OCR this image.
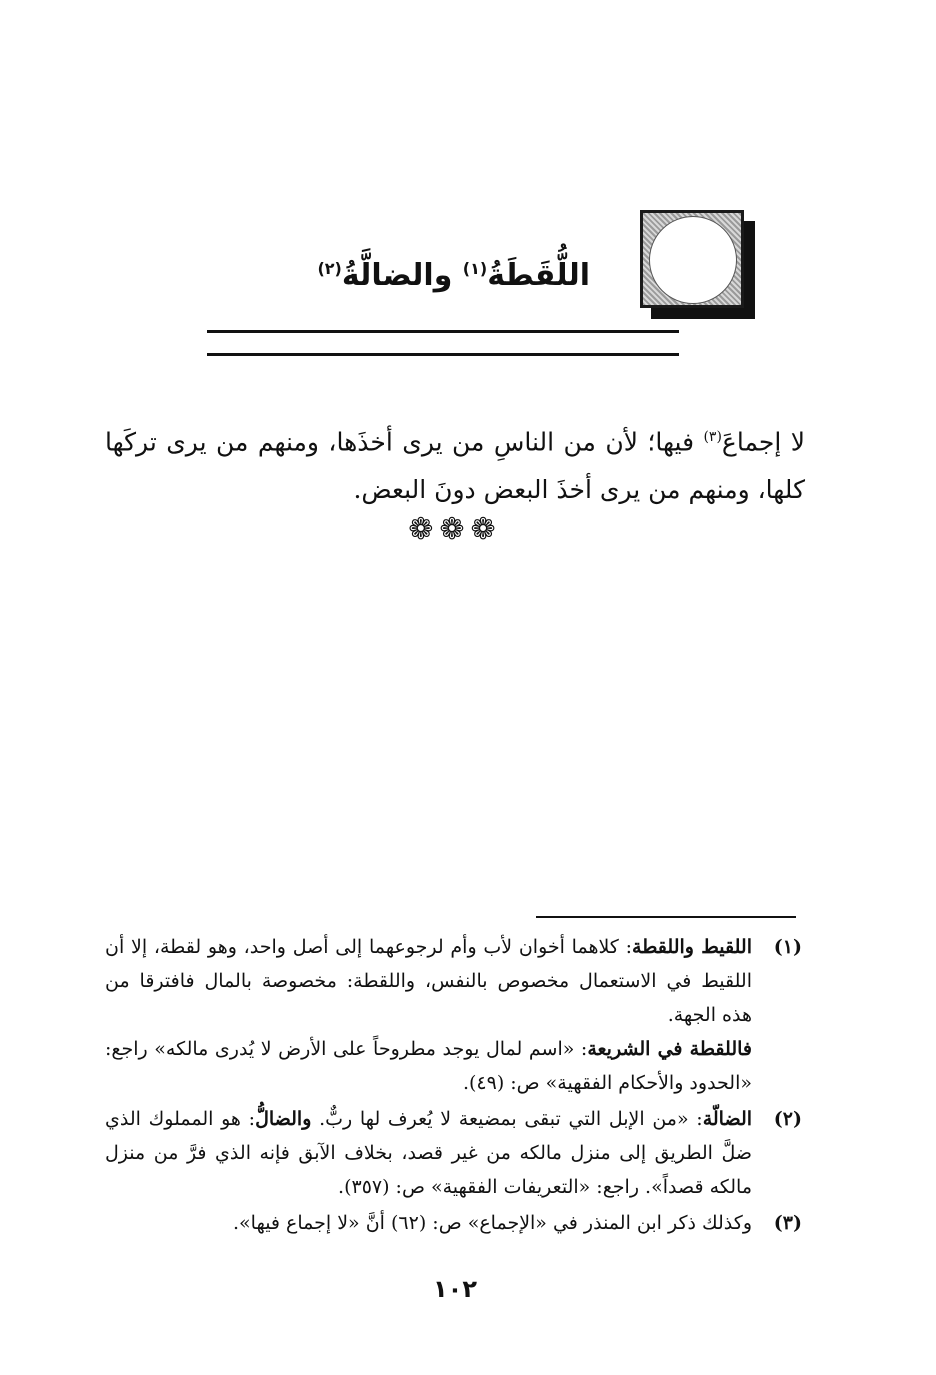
اللُّقَطَةُ$^{(١)}$ والضالَّةُ$^{(٢)}$
لا إجماعَ$^{(٣)}$ فيها؛ لأن من الناسِ من يرى أخذَها، ومنهم من يرى تركَها كلها، ومنهم من يرى أخذَ البعض دونَ البعض.
❁❁❁
(١)
اللقيط واللقطة: كلاهما أخوان لأب وأم لرجوعهما إلى أصل واحد، وهو لقطة، إلا أن اللقيط في الاستعمال مخصوص بالنفس، واللقطة: مخصوصة بالمال فافترقا من هذه الجهة.
فاللقطة في الشريعة: «اسم لمال يوجد مطروحاً على الأرض لا يُدرى مالكه» راجع: «الحدود والأحكام الفقهية» ص: (٤٩).
(٢)
الضالّة: «من الإبل التي تبقى بمضيعة لا يُعرف لها ربٌّ. والضالُّ: هو المملوك الذي ضلَّ الطريق إلى منزل مالكه من غير قصد، بخلاف الآبق فإنه الذي فرَّ من منزل مالكه قصداً». راجع: «التعريفات الفقهية» ص: (٣٥٧).
(٣)
وكذلك ذكر ابن المنذر في «الإجماع» ص: (٦٢) أنَّ «لا إجماع فيها».
١٠٢
